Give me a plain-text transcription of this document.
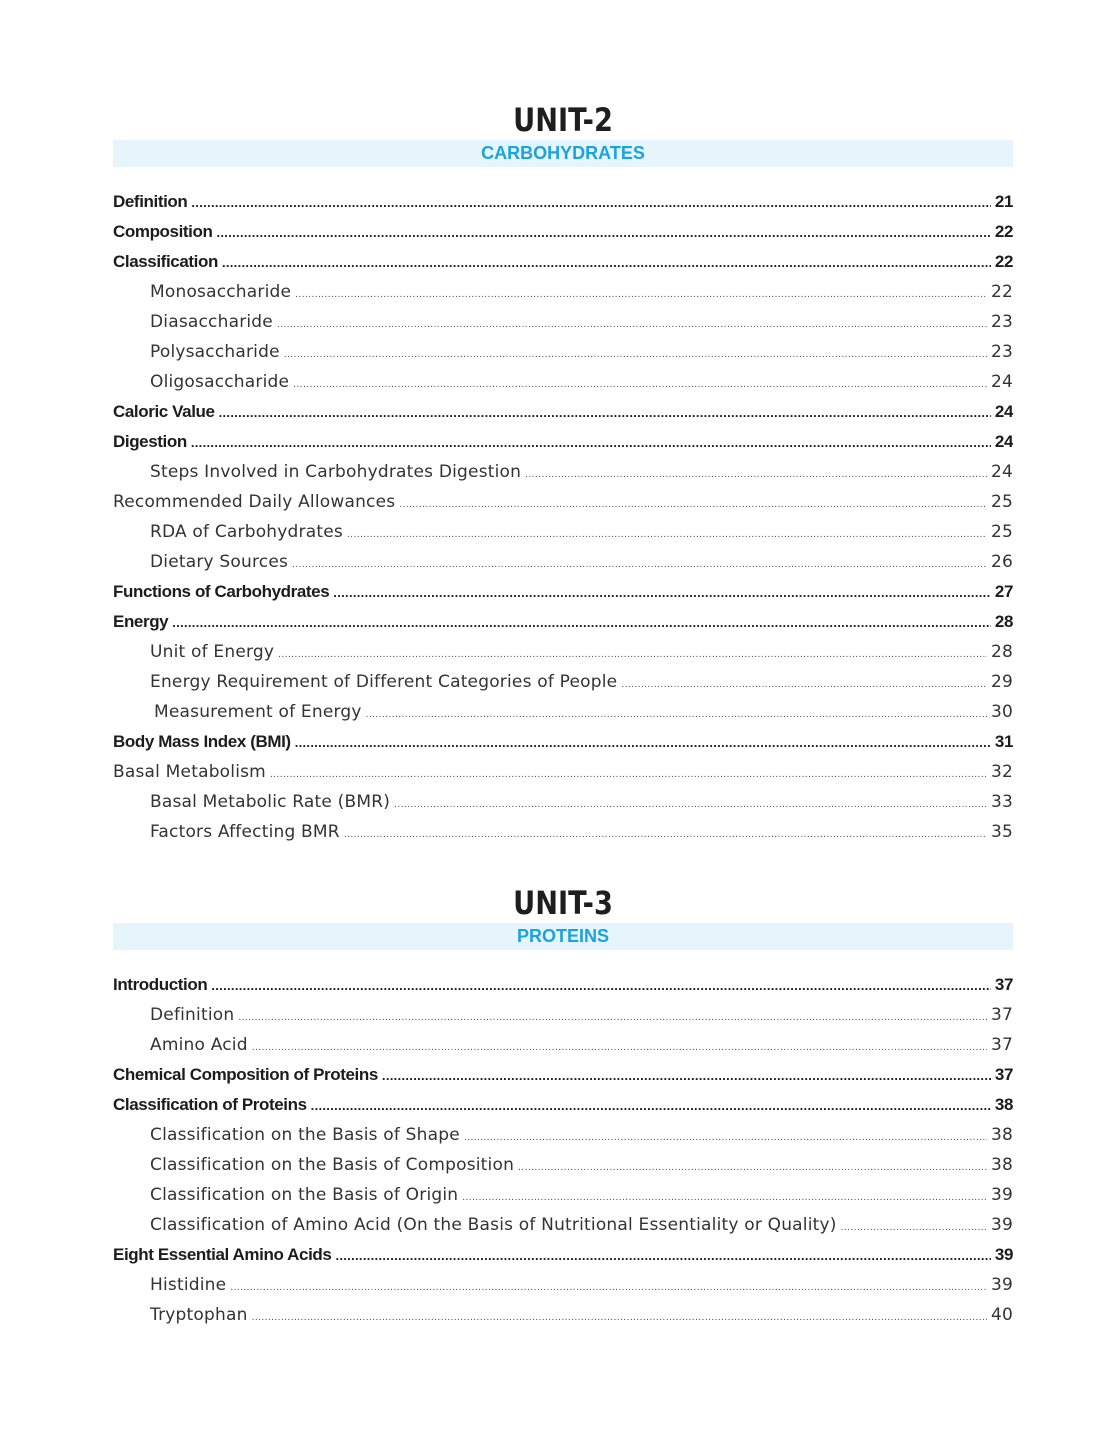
UNIT-2
CARBOHYDRATES
Definition .....	21
Composition .....	22
Classification .....	22
Monosaccharide .....	22
Diasaccharide .....	23
Polysaccharide .....	23
Oligosaccharide .....	24
Caloric Value .....	24
Digestion .....	24
Steps Involved in Carbohydrates Digestion .....	24
Recommended Daily Allowances .....	25
RDA of Carbohydrates .....	25
Dietary Sources .....	26
Functions of Carbohydrates .....	27
Energy .....	28
Unit of Energy .....	28
Energy Requirement of Different Categories of People .....	29
Measurement of Energy .....	30
Body Mass Index (BMI) .....	31
Basal Metabolism .....	32
Basal Metabolic Rate (BMR) .....	33
Factors Affecting BMR .....	35
UNIT-3
PROTEINS
Introduction .....	37
Definition .....	37
Amino Acid .....	37
Chemical Composition of Proteins .....	37
Classification of Proteins .....	38
Classification on the Basis of Shape .....	38
Classification on the Basis of Composition .....	38
Classification on the Basis of Origin .....	39
Classification of Amino Acid (On the Basis of Nutritional Essentiality or Quality) .....	39
Eight Essential Amino Acids .....	39
Histidine .....	39
Tryptophan .....	40
